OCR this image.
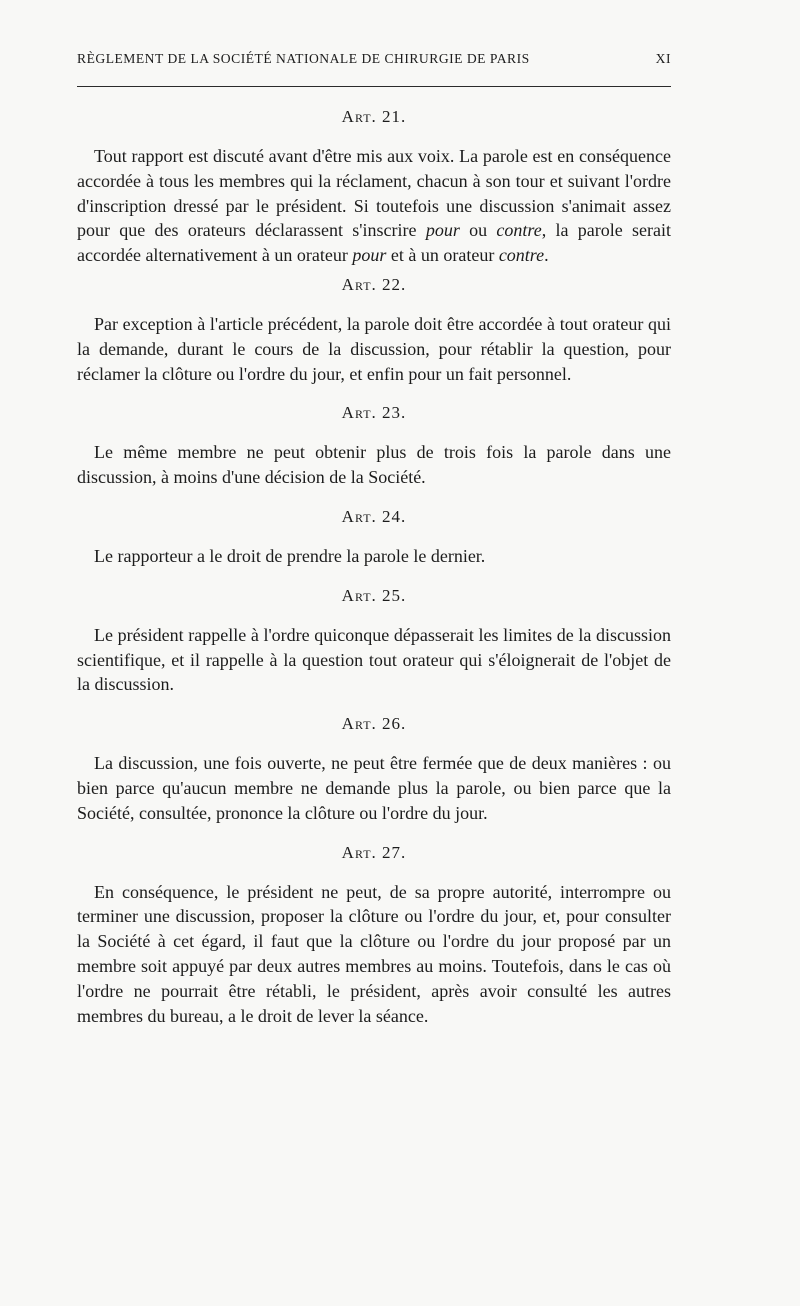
RÈGLEMENT DE LA SOCIÉTÉ NATIONALE DE CHIRURGIE DE PARIS	XI
Art. 21.

Tout rapport est discuté avant d'être mis aux voix. La parole est en conséquence accordée à tous les membres qui la réclament, chacun à son tour et suivant l'ordre d'inscription dressé par le président. Si toutefois une discussion s'animait assez pour que des orateurs déclarassent s'inscrire pour ou contre, la parole serait accordée alternativement à un orateur pour et à un orateur contre.

Art. 22.

Par exception à l'article précédent, la parole doit être accordée à tout orateur qui la demande, durant le cours de la discussion, pour rétablir la question, pour réclamer la clôture ou l'ordre du jour, et enfin pour un fait personnel.

Art. 23.

Le même membre ne peut obtenir plus de trois fois la parole dans une discussion, à moins d'une décision de la Société.

Art. 24.

Le rapporteur a le droit de prendre la parole le dernier.

Art. 25.

Le président rappelle à l'ordre quiconque dépasserait les limites de la discussion scientifique, et il rappelle à la question tout orateur qui s'éloignerait de l'objet de la discussion.

Art. 26.

La discussion, une fois ouverte, ne peut être fermée que de deux manières : ou bien parce qu'aucun membre ne demande plus la parole, ou bien parce que la Société, consultée, prononce la clôture ou l'ordre du jour.

Art. 27.

En conséquence, le président ne peut, de sa propre autorité, interrompre ou terminer une discussion, proposer la clôture ou l'ordre du jour, et, pour consulter la Société à cet égard, il faut que la clôture ou l'ordre du jour proposé par un membre soit appuyé par deux autres membres au moins. Toutefois, dans le cas où l'ordre ne pourrait être rétabli, le président, après avoir consulté les autres membres du bureau, a le droit de lever la séance.
